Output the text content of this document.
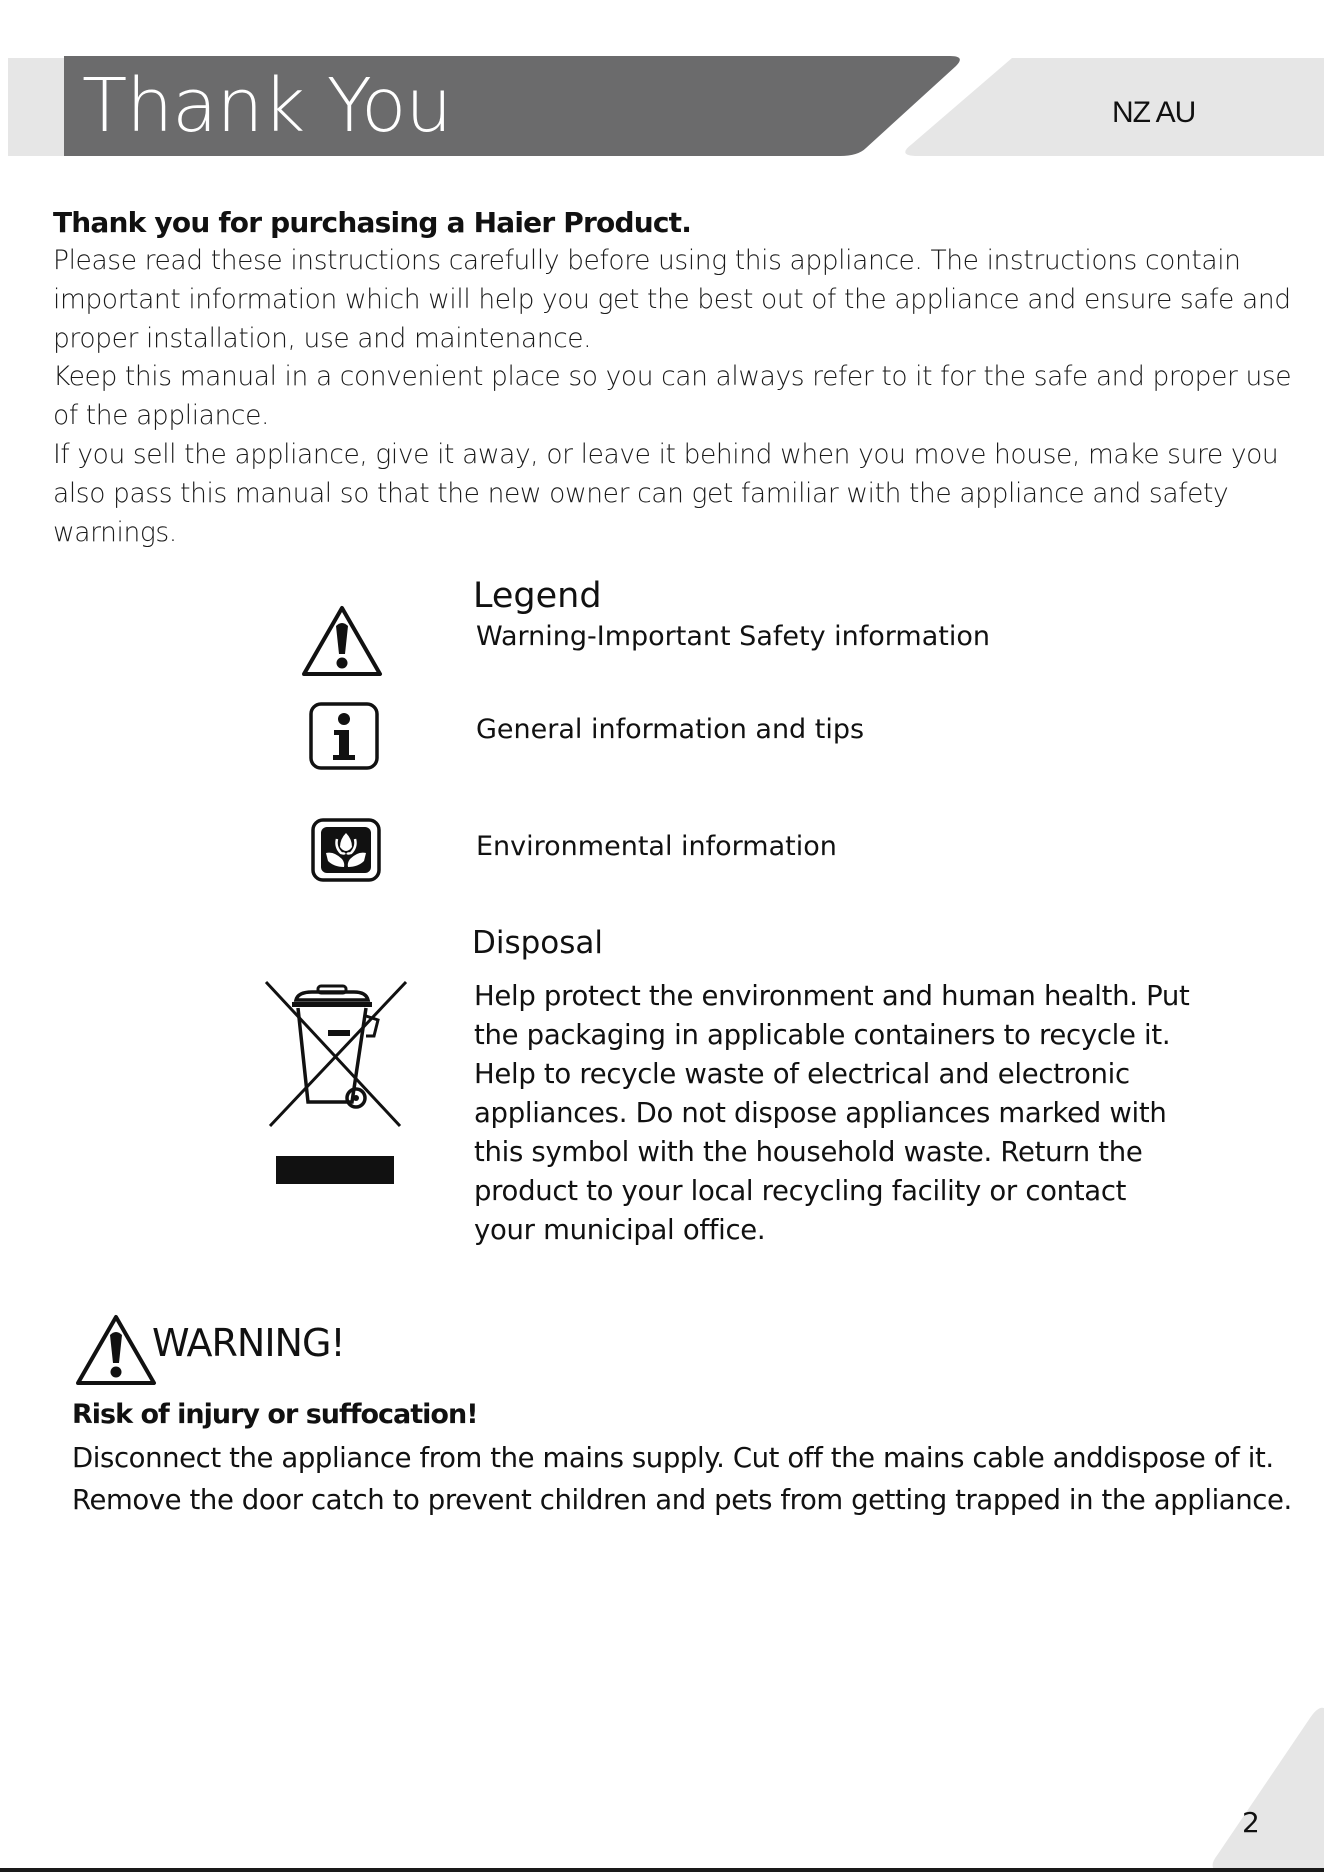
Thank You	NZ AU
Thank you for purchasing a Haier Product.

Please read these instructions carefully before using this appliance. The instructions contain important information which will help you get the best out of the appliance and ensure safe and proper installation, use and maintenance.

Keep this manual in a convenient place so you can always refer to it for the safe and proper use of the appliance.

If you sell the appliance, give it away, or leave it behind when you move house, make sure you also pass this manual so that the new owner can get familiar with the appliance and safety warnings.

Legend
Warning-Important Safety information
General information and tips
Environmental information
Disposal

Help protect the environment and human health. Put the packaging in applicable containers to recycle it. Help to recycle waste of electrical and electronic appliances. Do not dispose appliances marked with this symbol with the household waste. Return the product to your local recycling facility or contact your municipal office.

WARNING!

Risk of injury or suffocation!

Disconnect the appliance from the mains supply. Cut off the mains cable anddispose of it. Remove the door catch to prevent children and pets from getting trapped in the appliance.

2
